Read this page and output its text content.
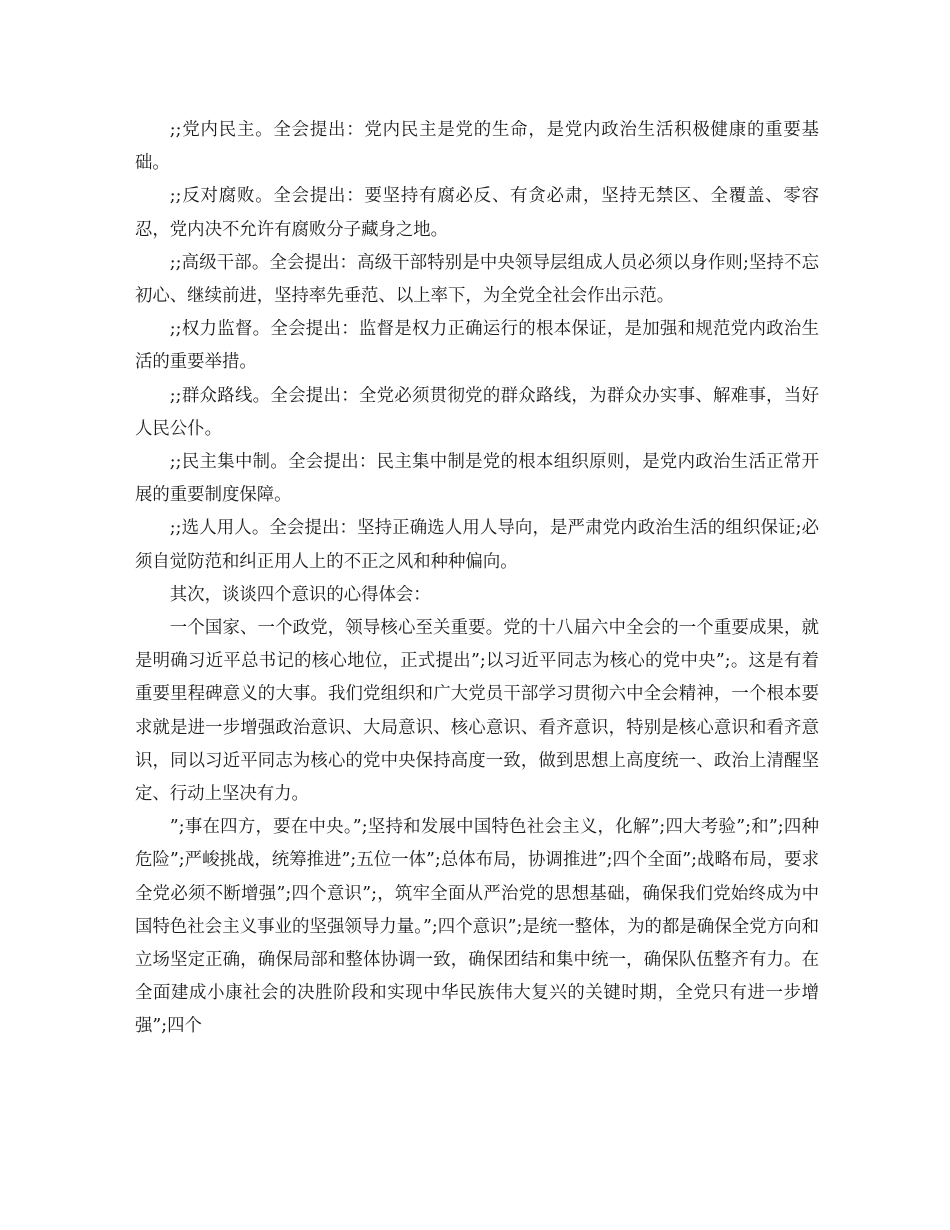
;;党内民主。全会提出：党内民主是党的生命，是党内政治生活积极健康的重要基础。

;;反对腐败。全会提出：要坚持有腐必反、有贪必肃，坚持无禁区、全覆盖、零容忍，党内决不允许有腐败分子藏身之地。

;;高级干部。全会提出：高级干部特别是中央领导层组成人员必须以身作则;坚持不忘初心、继续前进，坚持率先垂范、以上率下，为全党全社会作出示范。

;;权力监督。全会提出：监督是权力正确运行的根本保证，是加强和规范党内政治生活的重要举措。

;;群众路线。全会提出：全党必须贯彻党的群众路线，为群众办实事、解难事，当好人民公仆。

;;民主集中制。全会提出：民主集中制是党的根本组织原则，是党内政治生活正常开展的重要制度保障。

;;选人用人。全会提出：坚持正确选人用人导向，是严肃党内政治生活的组织保证;必须自觉防范和纠正用人上的不正之风和种种偏向。

其次，谈谈四个意识的心得体会：

一个国家、一个政党，领导核心至关重要。党的十八届六中全会的一个重要成果，就是明确习近平总书记的核心地位，正式提出”;以习近平同志为核心的党中央”;。这是有着重要里程碑意义的大事。我们党组织和广大党员干部学习贯彻六中全会精神，一个根本要求就是进一步增强政治意识、大局意识、核心意识、看齐意识，特别是核心意识和看齐意识，同以习近平同志为核心的党中央保持高度一致，做到思想上高度统一、政治上清醒坚定、行动上坚决有力。

”;事在四方，要在中央。”;坚持和发展中国特色社会主义，化解”;四大考验”;和”;四种危险”;严峻挑战，统筹推进”;五位一体”;总体布局，协调推进”;四个全面”;战略布局，要求全党必须不断增强”;四个意识”;，筑牢全面从严治党的思想基础，确保我们党始终成为中国特色社会主义事业的坚强领导力量。”;四个意识”;是统一整体，为的都是确保全党方向和立场坚定正确，确保局部和整体协调一致，确保团结和集中统一，确保队伍整齐有力。在全面建成小康社会的决胜阶段和实现中华民族伟大复兴的关键时期，全党只有进一步增强”;四个
